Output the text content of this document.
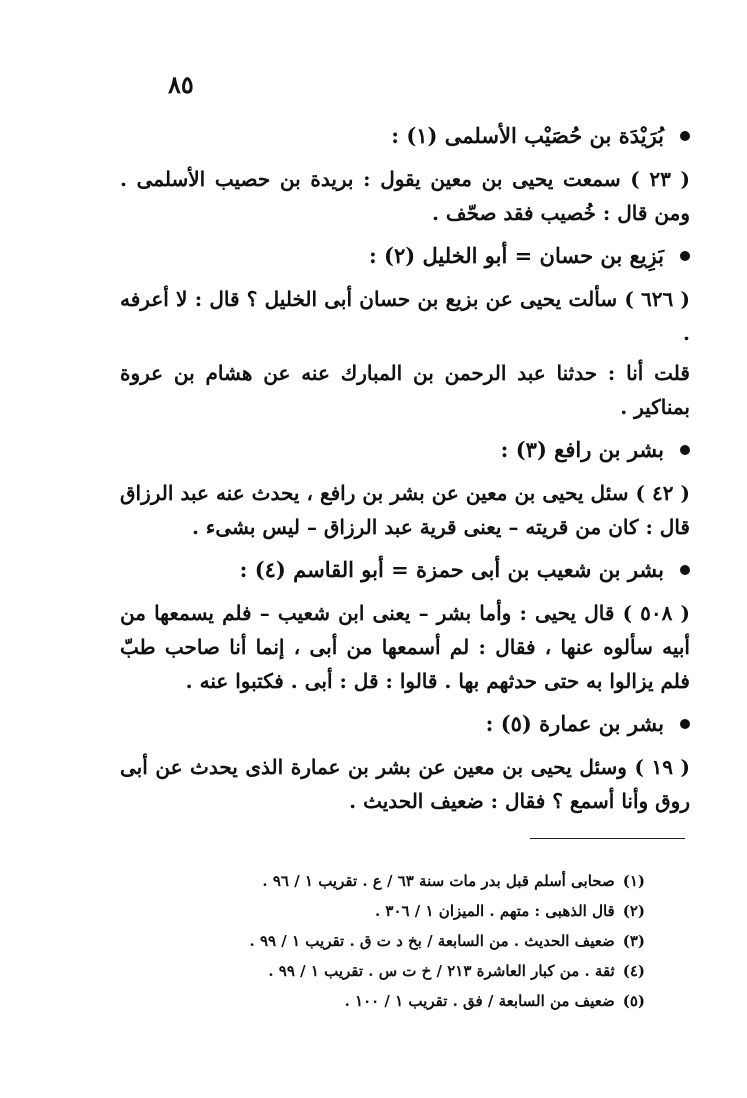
٨٥
بُرَيْدَة بن حُصَيْب الأسلمى (١) :

( ٢٣ ) سمعت يحيى بن معين يقول : بريدة بن حصيب الأسلمى . ومن قال : خُصيب فقد صحّف .

بَزِيع بن حسان = أبو الخليل (٢) :

( ٦٢٦ ) سألت يحيى عن بزيع بن حسان أبى الخليل ؟ قال : لا أعرفه .

قلت أنا : حدثنا عبد الرحمن بن المبارك عنه عن هشام بن عروة بمناكير .

بشر بن رافع (٣) :

( ٤٢ ) سئل يحيى بن معين عن بشر بن رافع ، يحدث عنه عبد الرزاق قال : كان من قريته – يعنى قرية عبد الرزاق – ليس بشىء .

بشر بن شعيب بن أبى حمزة = أبو القاسم (٤) :

( ٥٠٨ ) قال يحيى : وأما بشر – يعنى ابن شعيب – فلم يسمعها من أبيه سألوه عنها ، فقال : لم أسمعها من أبى ، إنما أنا صاحب طبّ فلم يزالوا به حتى حدثهم بها . قالوا : قل : أبى . فكتبوا عنه .

بشر بن عمارة (٥) :

( ١٩ ) وسئل يحيى بن معين عن بشر بن عمارة الذى يحدث عن أبى روق وأنا أسمع ؟ فقال : ضعيف الحديث .

(١)صحابى أسلم قبل بدر مات سنة ٦٣ / ع . تقريب ١ / ٩٦ .

(٢)قال الذهبى : متهم . الميزان ١ / ٣٠٦ .

(٣)ضعيف الحديث . من السابعة / بخ د ت ق . تقريب ١ / ٩٩ .

(٤)ثقة . من كبار العاشرة ٢١٣ / خ ت س . تقريب ١ / ٩٩ .

(٥)ضعيف من السابعة / فق . تقريب ١ / ١٠٠ .
